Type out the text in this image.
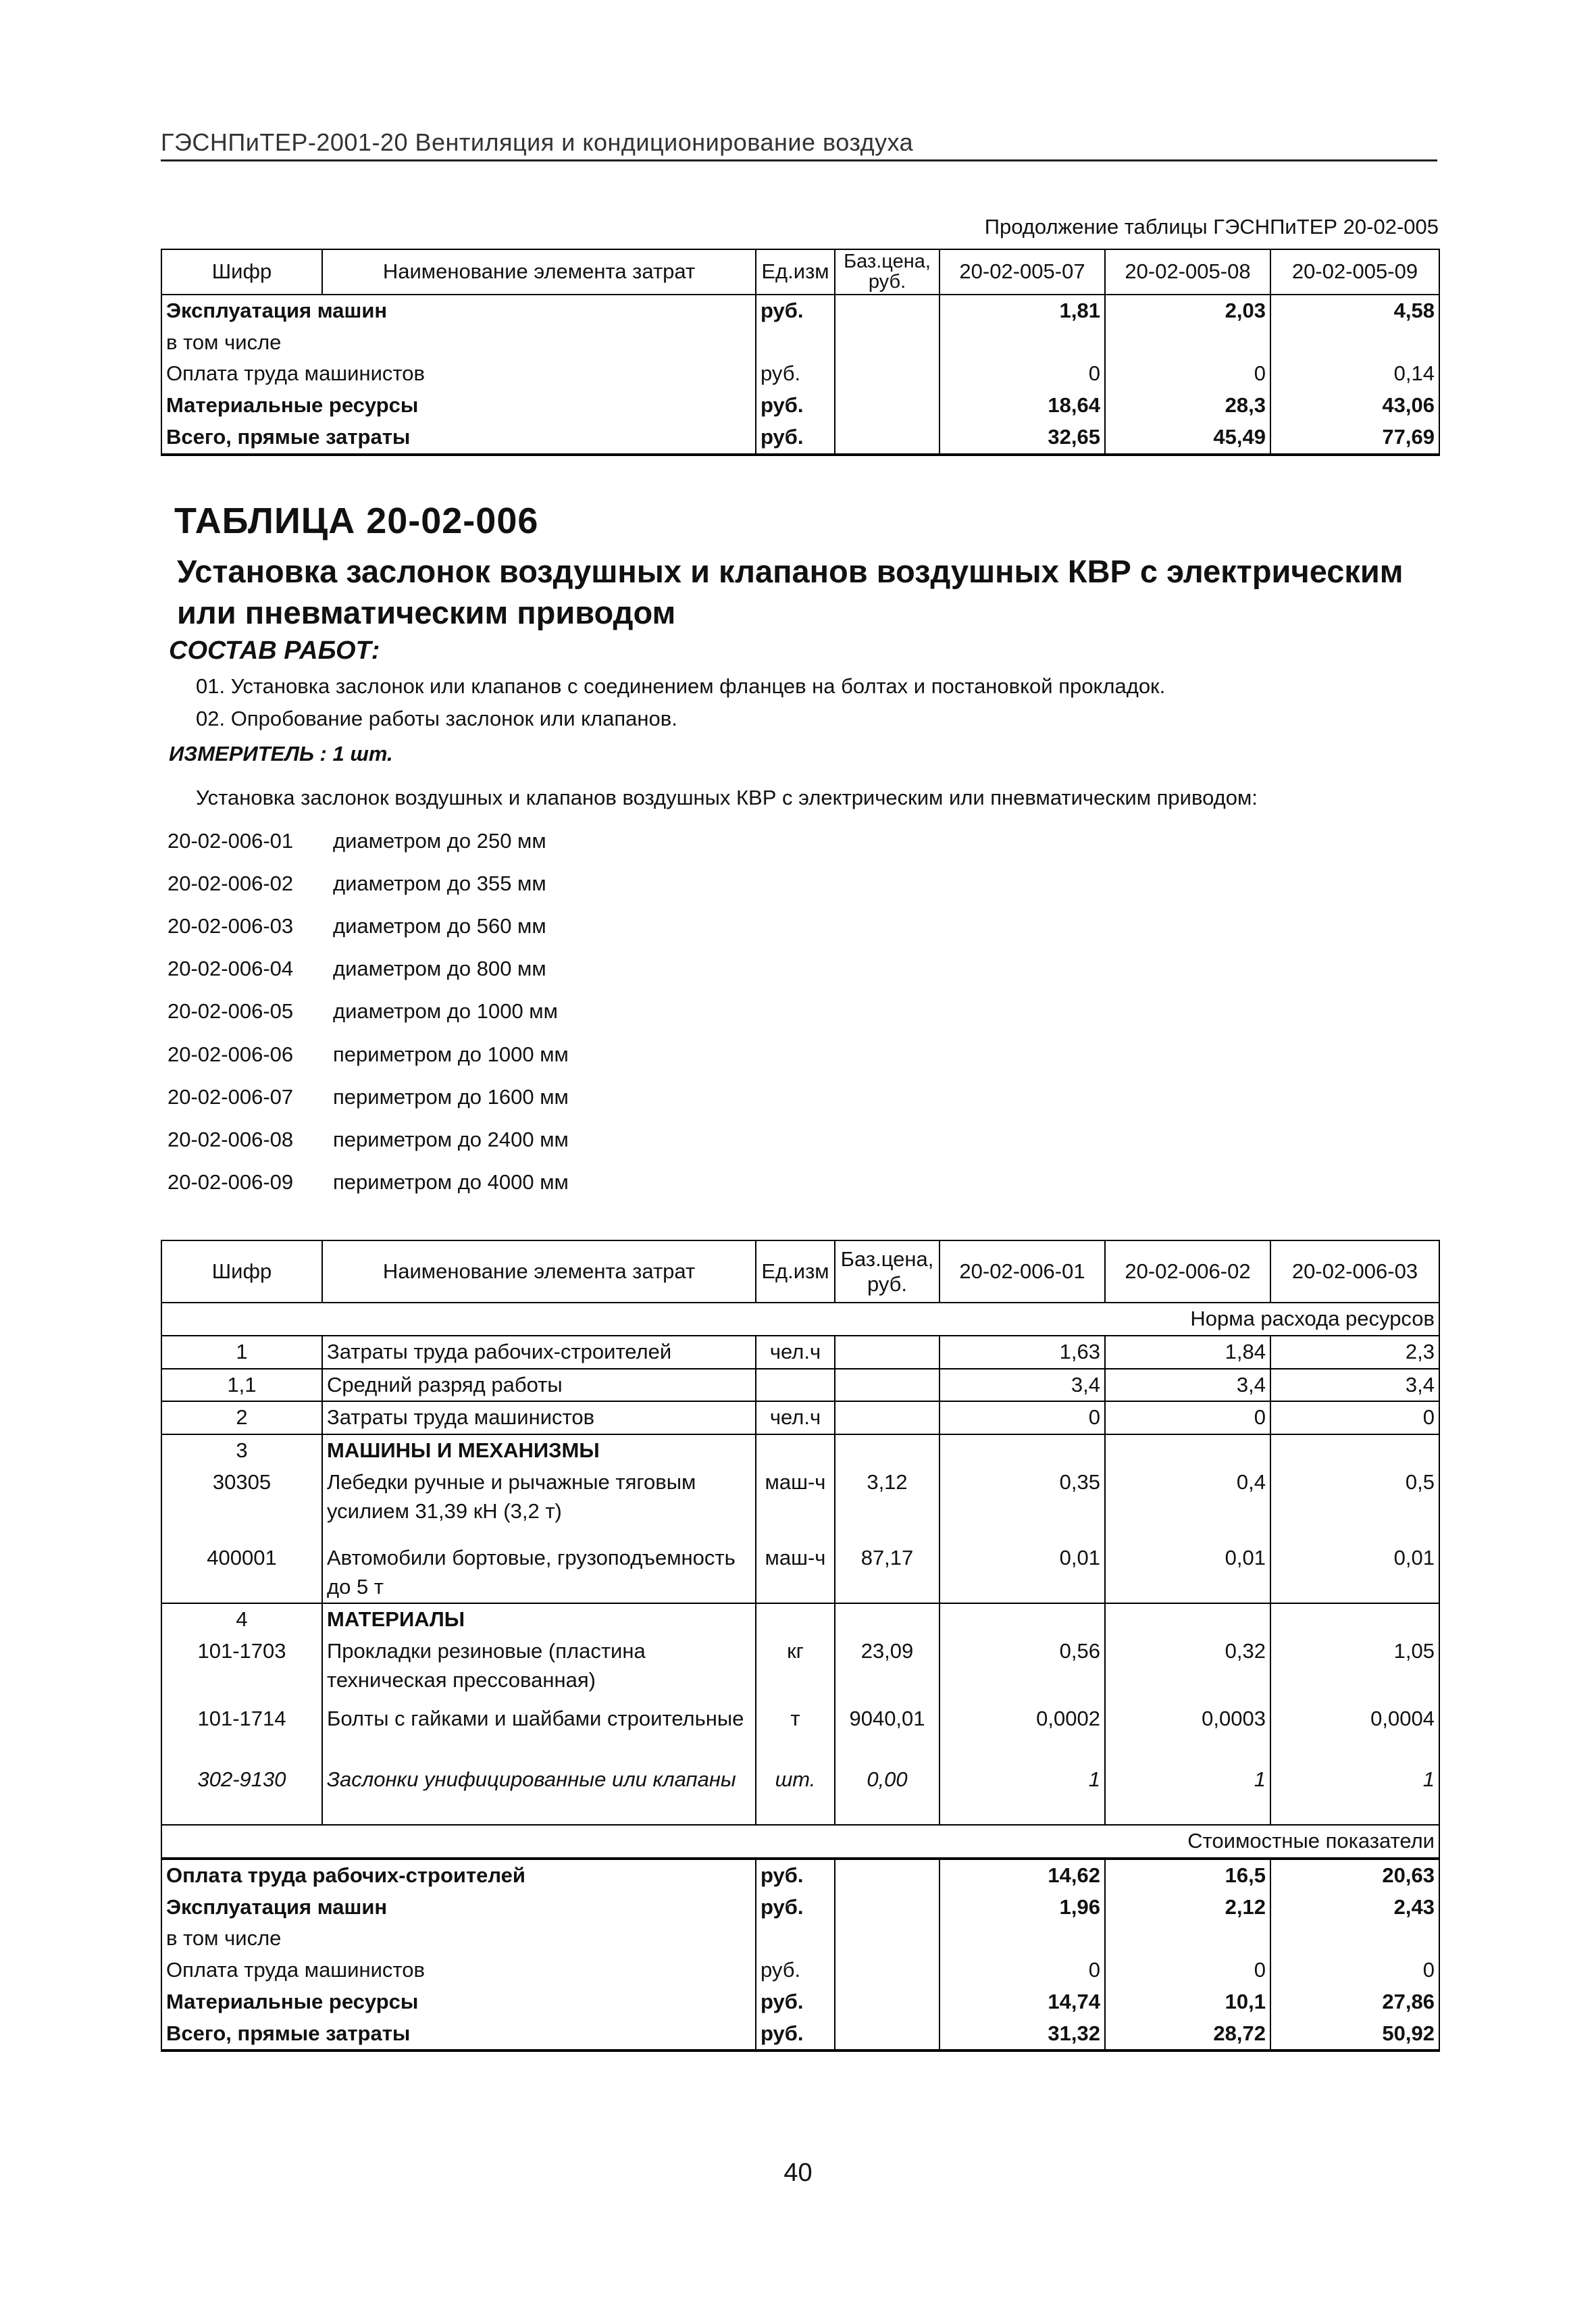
ГЭСНПиТЕР-2001-20 Вентиляция и кондиционирование воздуха
Продолжение таблицы ГЭСНПиТЕР 20-02-005
Шифр	Наименование элемента затрат	Ед.изм	Баз.цена, руб.	20-02-005-07	20-02-005-08	20-02-005-09
Эксплуатация машин		руб.		1,81	2,03	4,58
в том числе						
Оплата труда машинистов		руб.		0	0	0,14
Материальные ресурсы		руб.		18,64	28,3	43,06
Всего, прямые затраты		руб.		32,65	45,49	77,69
ТАБЛИЦА 20-02-006
Установка заслонок воздушных и клапанов воздушных КВР с электрическим или пневматическим приводом
СОСТАВ РАБОТ:
01. Установка заслонок или клапанов с соединением фланцев на болтах и постановкой прокладок.
02. Опробование работы заслонок или клапанов.
ИЗМЕРИТЕЛЬ : 1 шт.
Установка заслонок воздушных и клапанов воздушных КВР с электрическим или пневматическим приводом:
20-02-006-01 диаметром до 250 мм
20-02-006-02 диаметром до 355 мм
20-02-006-03 диаметром до 560 мм
20-02-006-04 диаметром до 800 мм
20-02-006-05 диаметром до 1000 мм
20-02-006-06 периметром до 1000 мм
20-02-006-07 периметром до 1600 мм
20-02-006-08 периметром до 2400 мм
20-02-006-09 периметром до 4000 мм
Шифр	Наименование элемента затрат	Ед.изм	Баз.цена, руб.	20-02-006-01	20-02-006-02	20-02-006-03
Норма расхода ресурсов						
1	Затраты труда рабочих-строителей	чел.ч		1,63	1,84	2,3
1,1	Средний разряд работы			3,4	3,4	3,4
2	Затраты труда машинистов	чел.ч		0	0	0
3	МАШИНЫ И МЕХАНИЗМЫ					
30305	Лебедки ручные и рычажные тяговым усилием 31,39 кН (3,2 т)	маш-ч	3,12	0,35	0,4	0,5
400001	Автомобили бортовые, грузоподъемность до 5 т	маш-ч	87,17	0,01	0,01	0,01
4	МАТЕРИАЛЫ					
101-1703	Прокладки резиновые (пластина техническая прессованная)	кг	23,09	0,56	0,32	1,05
101-1714	Болты с гайками и шайбами строительные	т	9040,01	0,0002	0,0003	0,0004
302-9130	Заслонки унифицированные или клапаны	шт.	0,00	1	1	1
Стоимостные показатели						
Оплата труда рабочих-строителей		руб.		14,62	16,5	20,63
Эксплуатация машин		руб.		1,96	2,12	2,43
в том числе						
Оплата труда машинистов		руб.		0	0	0
Материальные ресурсы		руб.		14,74	10,1	27,86
Всего, прямые затраты		руб.		31,32	28,72	50,92
40
